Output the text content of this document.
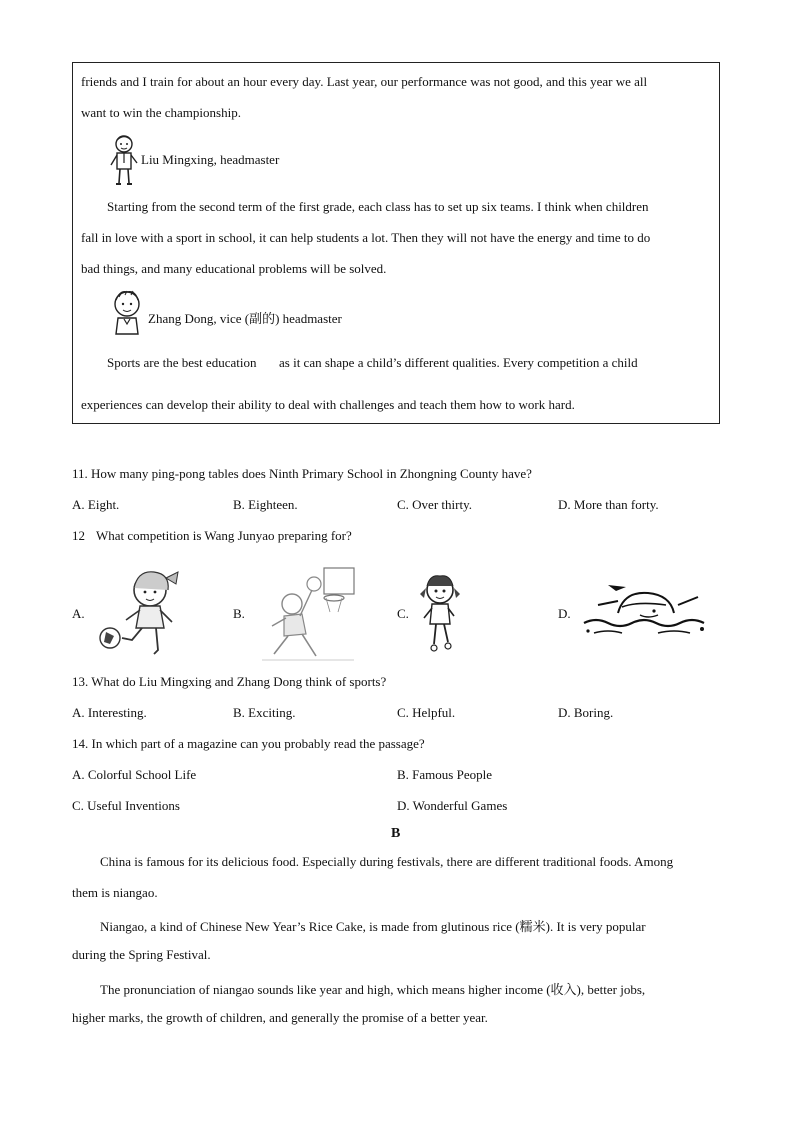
friends and I train for about an hour every day. Last year, our performance was not good, and this year we all
want to win the championship.
Liu Mingxing, headmaster
Starting from the second term of the first grade, each class has to set up six teams. I think when children
fall in love with a sport in school, it can help students a lot. Then they will not have the energy and time to do
bad things, and many educational problems will be solved.
Zhang Dong, vice (副的) headmaster
Sports are the best education as it can shape a child’s different qualities. Every competition a child
experiences can develop their ability to deal with challenges and teach them how to work hard.
11. How many ping-pong tables does Ninth Primary School in Zhongning County have?
A. Eight.	B. Eighteen.	C. Over thirty.	D. More than forty.
12 What competition is Wang Junyao preparing for?
A.	B.	C.	D.
13. What do Liu Mingxing and Zhang Dong think of sports?
A. Interesting.	B. Exciting.	C. Helpful.	D. Boring.
14. In which part of a magazine can you probably read the passage?
A. Colorful School Life	B. Famous People
C. Useful Inventions	D. Wonderful Games
B
China is famous for its delicious food. Especially during festivals, there are different traditional foods. Among
them is niangao.
Niangao, a kind of Chinese New Year’s Rice Cake, is made from glutinous rice (糯米). It is very popular
during the Spring Festival.
The pronunciation of niangao sounds like year and high, which means higher income (收入), better jobs,
higher marks, the growth of children, and generally the promise of a better year.
